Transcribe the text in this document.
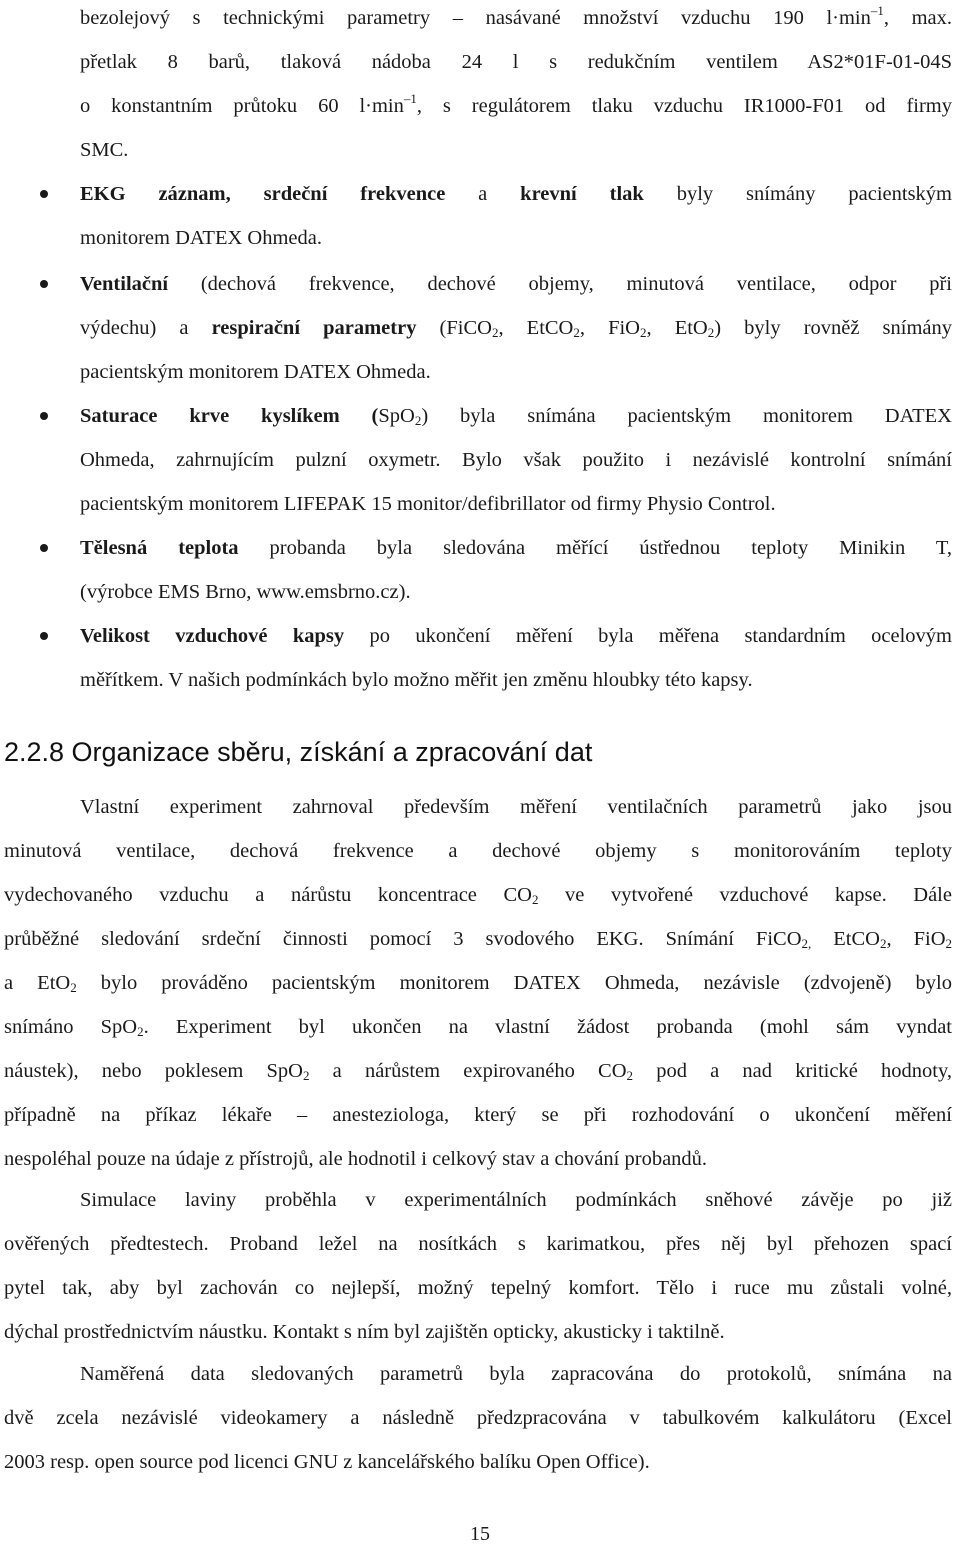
bezolejový s technickými parametry – nasávané množství vzduchu 190 $l\cdot\min^{-1}$, max.
přetlak 8 barů, tlaková nádoba 24 l s redukčním ventilem AS2*01F-01-04S
o konstantním průtoku 60 $l\cdot\min^{-1}$, s regulátorem tlaku vzduchu IR1000-F01 od firmy
SMC.
EKG záznam, srdeční frekvence a krevní tlak byly snímány pacientským
monitorem DATEX Ohmeda.
Ventilační (dechová frekvence, dechové objemy, minutová ventilace, odpor při
výdechu) a respirační parametry (FiCO$_2$, EtCO$_2$, FiO$_2$, EtO$_2$) byly rovněž snímány
pacientským monitorem DATEX Ohmeda.
Saturace krve kyslíkem (SpO$_2$) byla snímána pacientským monitorem DATEX
Ohmeda, zahrnujícím pulzní oxymetr. Bylo však použito i nezávislé kontrolní snímání
pacientským monitorem LIFEPAK 15 monitor/defibrillator od firmy Physio Control.
Tělesná teplota probanda byla sledována měřící ústřednou teploty Minikin T,
(výrobce EMS Brno, www.emsbrno.cz).
Velikost vzduchové kapsy po ukončení měření byla měřena standardním ocelovým
měřítkem. V našich podmínkách bylo možno měřit jen změnu hloubky této kapsy.
2.2.8 Organizace sběru, získání a zpracování dat
Vlastní experiment zahrnoval především měření ventilačních parametrů jako jsou
minutová ventilace, dechová frekvence a dechové objemy s monitorováním teploty
vydechovaného vzduchu a nárůstu koncentrace $CO_2$ ve vytvořené vzduchové kapse. Dále
průběžné sledování srdeční činnosti pomocí 3 svodového EKG. Snímání FiCO$_{2,}$ EtCO$_2$, FiO$_2$
a EtO$_2$ bylo prováděno pacientským monitorem DATEX Ohmeda, nezávisle (zdvojeně) bylo
snímáno SpO$_2$. Experiment byl ukončen na vlastní žádost probanda (mohl sám vyndat
náustek), nebo poklesem SpO$_2$ a nárůstem expirovaného $CO_2$ pod a nad kritické hodnoty,
případně na příkaz lékaře – anesteziologa, který se při rozhodování o ukončení měření
nespoléhal pouze na údaje z přístrojů, ale hodnotil i celkový stav a chování probandů.
Simulace laviny proběhla v experimentálních podmínkách sněhové závěje po již
ověřených předtestech. Proband ležel na nosítkách s karimatkou, přes něj byl přehozen spací
pytel tak, aby byl zachován co nejlepší, možný tepelný komfort. Tělo i ruce mu zůstali volné,
dýchal prostřednictvím náustku. Kontakt s ním byl zajištěn opticky, akusticky i taktilně.
Naměřená data sledovaných parametrů byla zapracována do protokolů, snímána na
dvě zcela nezávislé videokamery a následně předzpracována v tabulkovém kalkulátoru (Excel
2003 resp. open source pod licenci GNU z kancelářského balíku Open Office).
15
